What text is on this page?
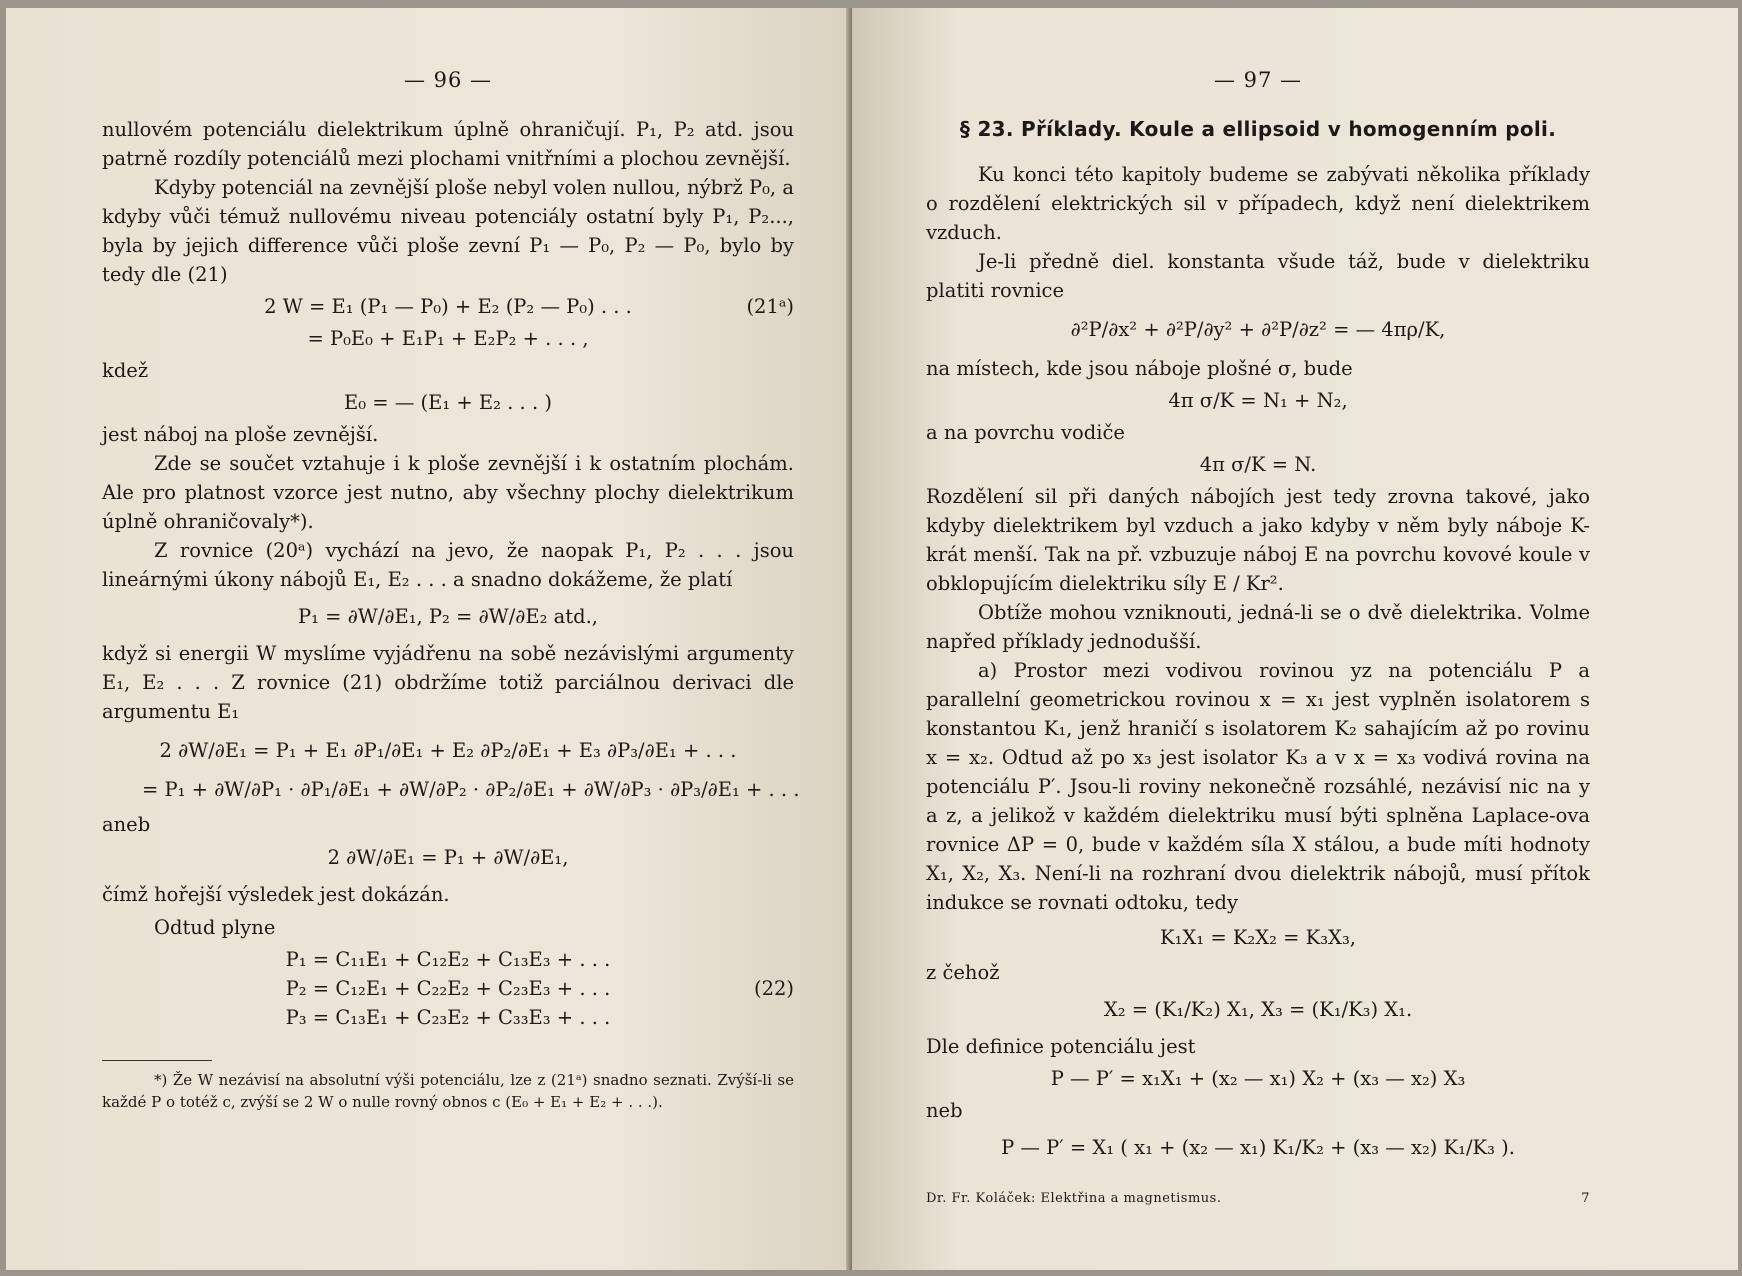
— 96 —

nullovém potenciálu dielektrikum úplně ohraničují. P₁, P₂ atd. jsou patrně rozdíly potenciálů mezi plochami vnitřními a plochou zevnější.

Kdyby potenciál na zevnější ploše nebyl volen nullou, nýbrž P₀, a kdyby vůči témuž nullovému niveau potenciály ostatní byly P₁, P₂..., byla by jejich difference vůči ploše zevní P₁ — P₀, P₂ — P₀, bylo by tedy dle (21)

2 W = E₁ (P₁ — P₀) + E₂ (P₂ — P₀) . . .	(21ᵃ)
= P₀E₀ + E₁P₁ + E₂P₂ + . . . ,

kdež

E₀ = — (E₁ + E₂ . . . )

jest náboj na ploše zevnější.

Zde se součet vztahuje i k ploše zevnější i k ostatním plochám. Ale pro platnost vzorce jest nutno, aby všechny plochy dielektrikum úplně ohraničovaly*).

Z rovnice (20ᵃ) vychází na jevo, že naopak P₁, P₂ . . . jsou lineárnými úkony nábojů E₁, E₂ . . . a snadno dokážeme, že platí

P₁ = ∂W/∂E₁, P₂ = ∂W/∂E₂ atd.,

když si energii W myslíme vyjádřenu na sobě nezávislými argumenty E₁, E₂ . . . Z rovnice (21) obdržíme totiž parciálnou derivaci dle argumentu E₁

2 ∂W/∂E₁ = P₁ + E₁ ∂P₁/∂E₁ + E₂ ∂P₂/∂E₁ + E₃ ∂P₃/∂E₁ + . . .
= P₁ + ∂W/∂P₁ · ∂P₁/∂E₁ + ∂W/∂P₂ · ∂P₂/∂E₁ + ∂W/∂P₃ · ∂P₃/∂E₁ + . . .

aneb

2 ∂W/∂E₁ = P₁ + ∂W/∂E₁,

čímž hořejší výsledek jest dokázán.

Odtud plyne

P₁ = C₁₁E₁ + C₁₂E₂ + C₁₃E₃ + . . .
P₂ = C₁₂E₁ + C₂₂E₂ + C₂₃E₃ + . . .
P₃ = C₁₃E₁ + C₂₃E₂ + C₃₃E₃ + . . .
(22)

*) Že W nezávisí na absolutní výši potenciálu, lze z (21ᵃ) snadno seznati. Zvýší-li se každé P o totéž c, zvýší se 2 W o nulle rovný obnos c (E₀ + E₁ + E₂ + . . .).

— 97 —
§ 23. Příklady. Koule a ellipsoid v homogenním poli.

Ku konci této kapitoly budeme se zabývati několika příklady o rozdělení elektrických sil v případech, když není dielektrikem vzduch.

Je-li předně diel. konstanta všude táž, bude v dielektriku platiti rovnice

∂²P/∂x² + ∂²P/∂y² + ∂²P/∂z² = — 4πρ/K,

na místech, kde jsou náboje plošné σ, bude

4π σ/K = N₁ + N₂,

a na povrchu vodiče

4π σ/K = N.

Rozdělení sil při daných nábojích jest tedy zrovna takové, jako kdyby dielektrikem byl vzduch a jako kdyby v něm byly náboje K-krát menší. Tak na př. vzbuzuje náboj E na povrchu kovové koule v obklopujícím dielektriku síly E / Kr².

Obtíže mohou vzniknouti, jedná-li se o dvě dielektrika. Volme napřed příklady jednodušší.

a) Prostor mezi vodivou rovinou yz na potenciálu P a parallelní geometrickou rovinou x = x₁ jest vyplněn isolatorem s konstantou K₁, jenž hraničí s isolatorem K₂ sahajícím až po rovinu x = x₂. Odtud až po x₃ jest isolator K₃ a v x = x₃ vodivá rovina na potenciálu P′. Jsou-li roviny nekonečně rozsáhlé, nezávisí nic na y a z, a jelikož v každém dielektriku musí býti splněna Laplace-ova rovnice ΔP = 0, bude v každém síla X stálou, a bude míti hodnoty X₁, X₂, X₃. Není-li na rozhraní dvou dielektrik nábojů, musí přítok indukce se rovnati odtoku, tedy

K₁X₁ = K₂X₂ = K₃X₃,

z čehož

X₂ = (K₁/K₂) X₁, X₃ = (K₁/K₃) X₁.

Dle definice potenciálu jest

P — P′ = x₁X₁ + (x₂ — x₁) X₂ + (x₃ — x₂) X₃

neb

P — P′ = X₁ ( x₁ + (x₂ — x₁) K₁/K₂ + (x₃ — x₂) K₁/K₃ ).
Dr. Fr. Koláček: Elektřina a magnetismus.	7
